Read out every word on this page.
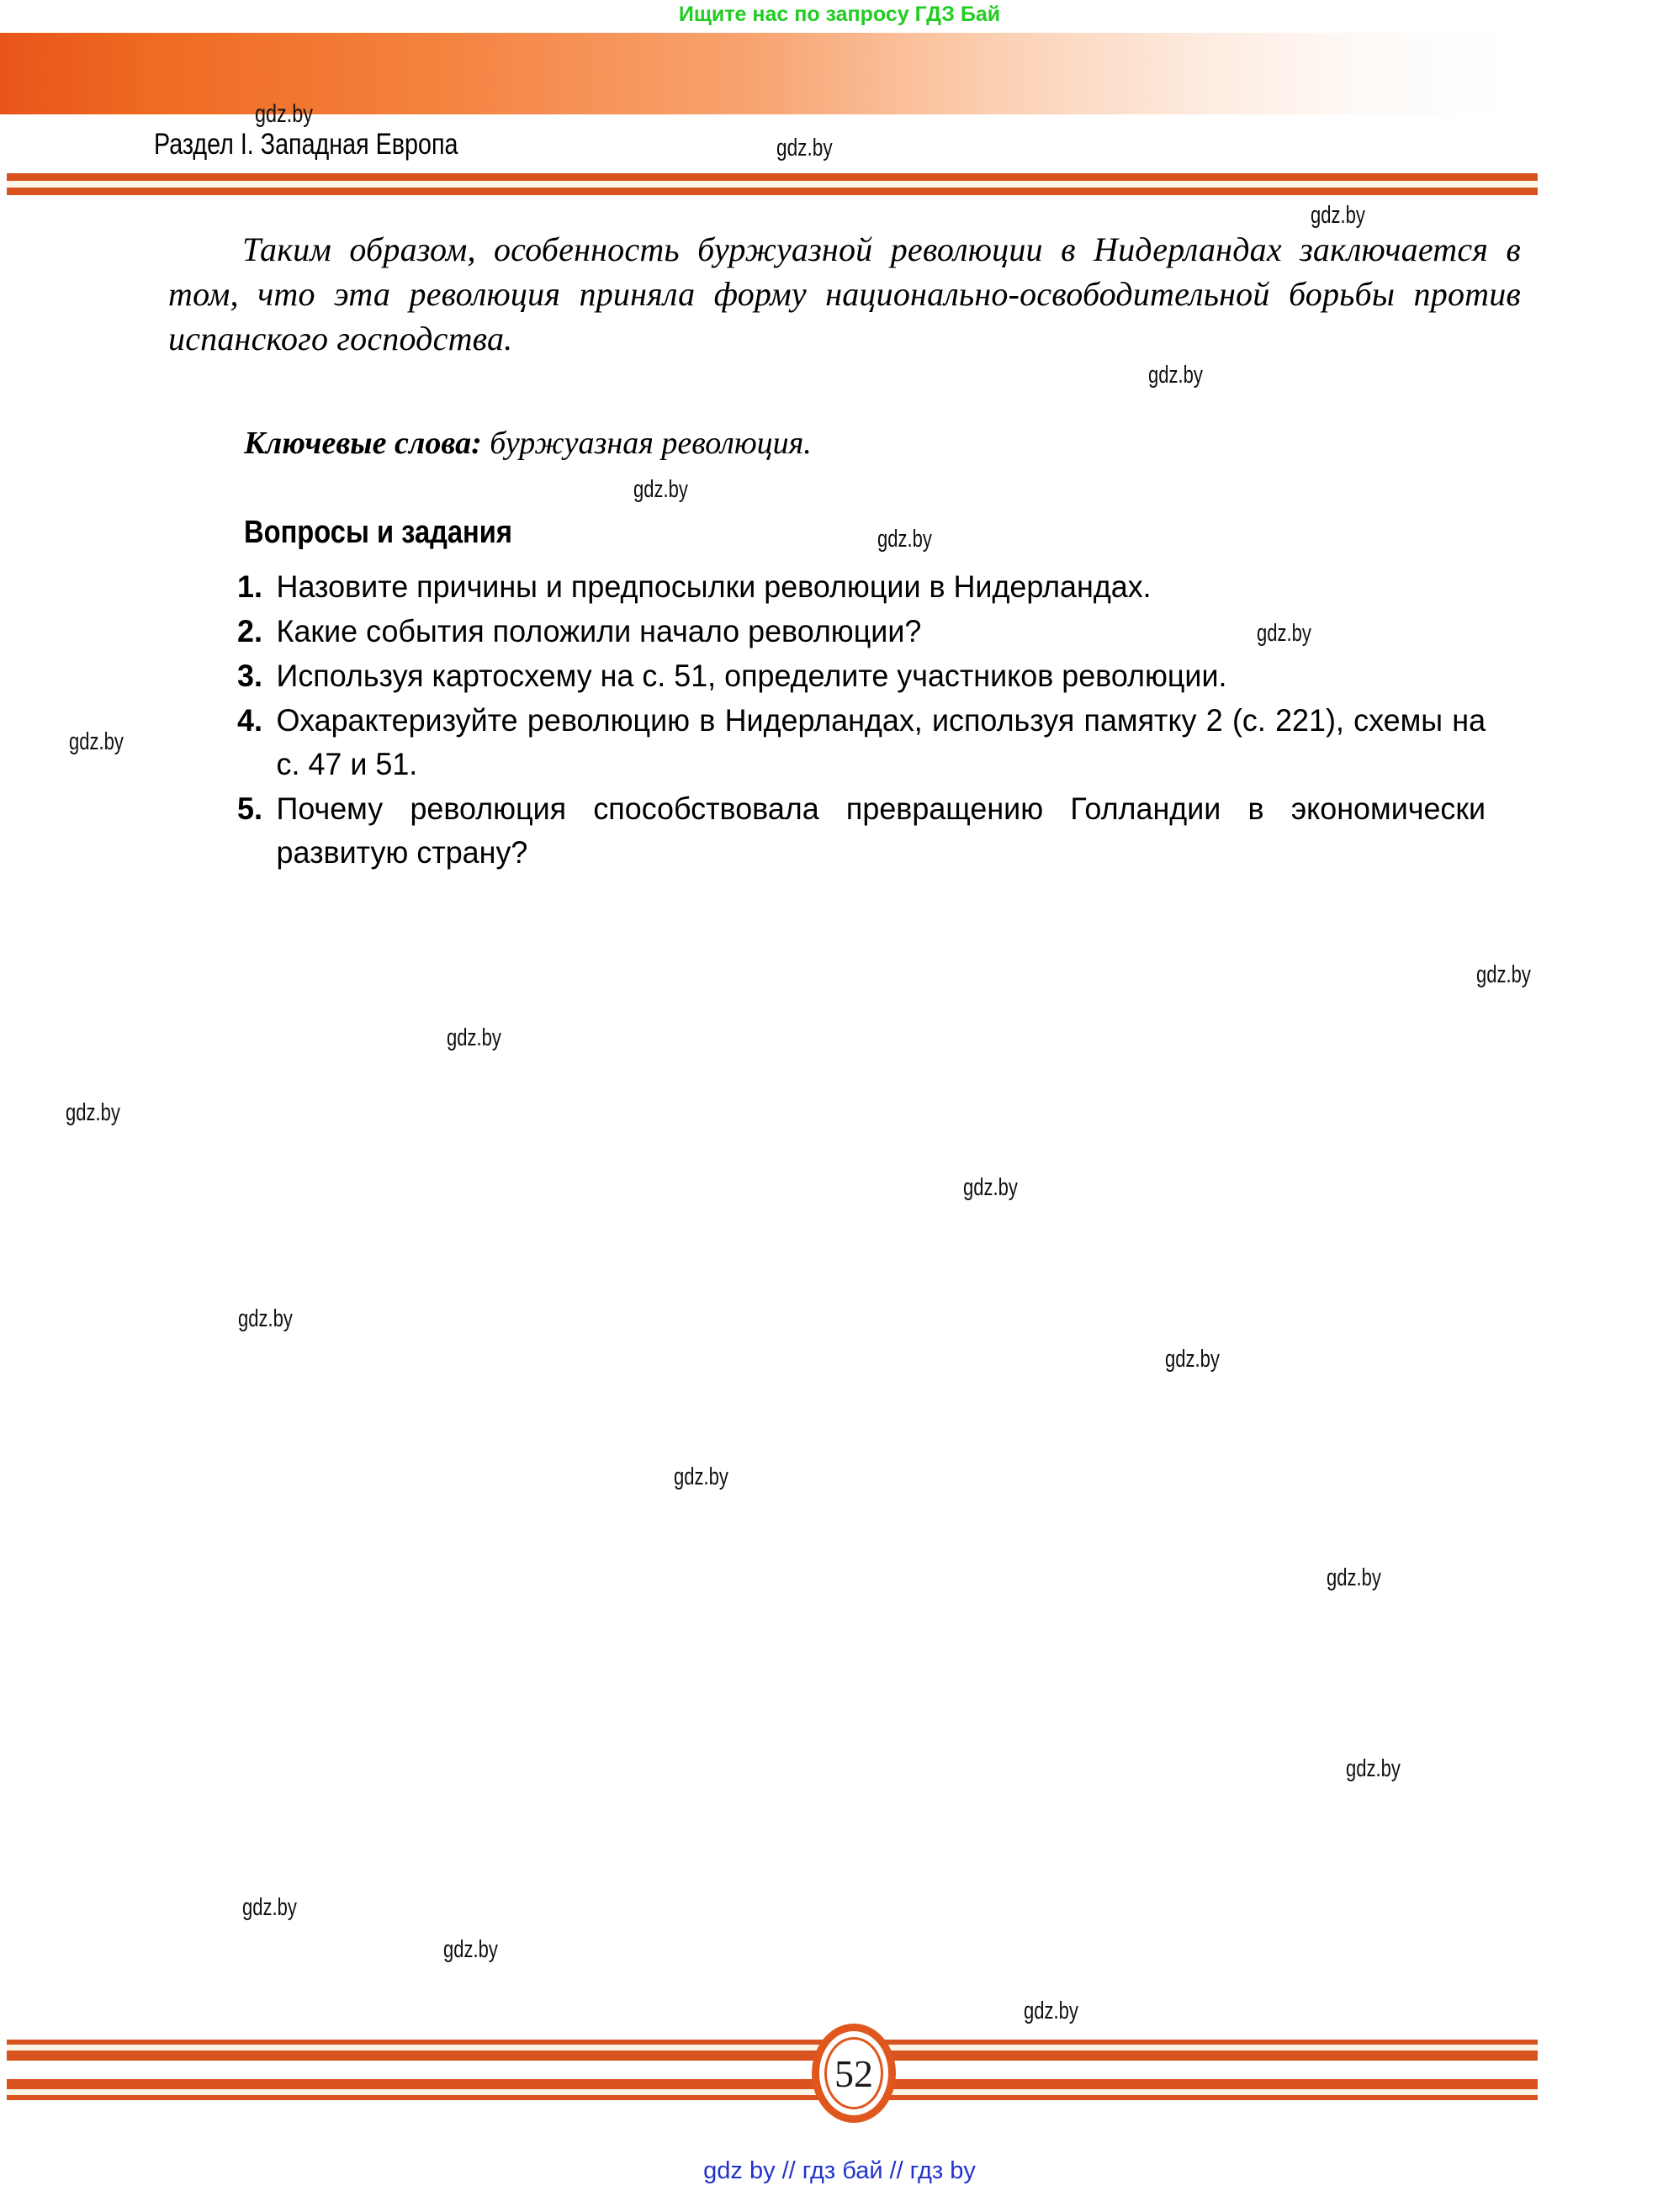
Ищите нас по запросу ГДЗ Бай
gdz.by
Раздел I. Западная Европа	gdz.by

Таким образом, особенность буржуазной революции в Нидерландах заключается в том, что эта революция приняла форму национально-освободительной борьбы против испанского господства.

Ключевые слова: буржуазная революция.
Вопросы и задания
1. Назовите причины и предпосылки революции в Нидерландах.
2. Какие события положили начало революции?
3. Используя картосхему на с. 51, определите участников революции.
4. Охарактеризуйте революцию в Нидерландах, используя памятку 2 (с. 221), схемы на с. 47 и 51.
5. Почему революция способствовала превращению Голландии в экономически развитую страну?
gdz.by
gdz.by
gdz.by
gdz.by
gdz.by
gdz.by
gdz.by
gdz.by
gdz.by
gdz.by
gdz.by
gdz.by
gdz.by
gdz.by
gdz.by
gdz.by
gdz.by
gdz.by
52
gdz by // гдз бай // гдз by
